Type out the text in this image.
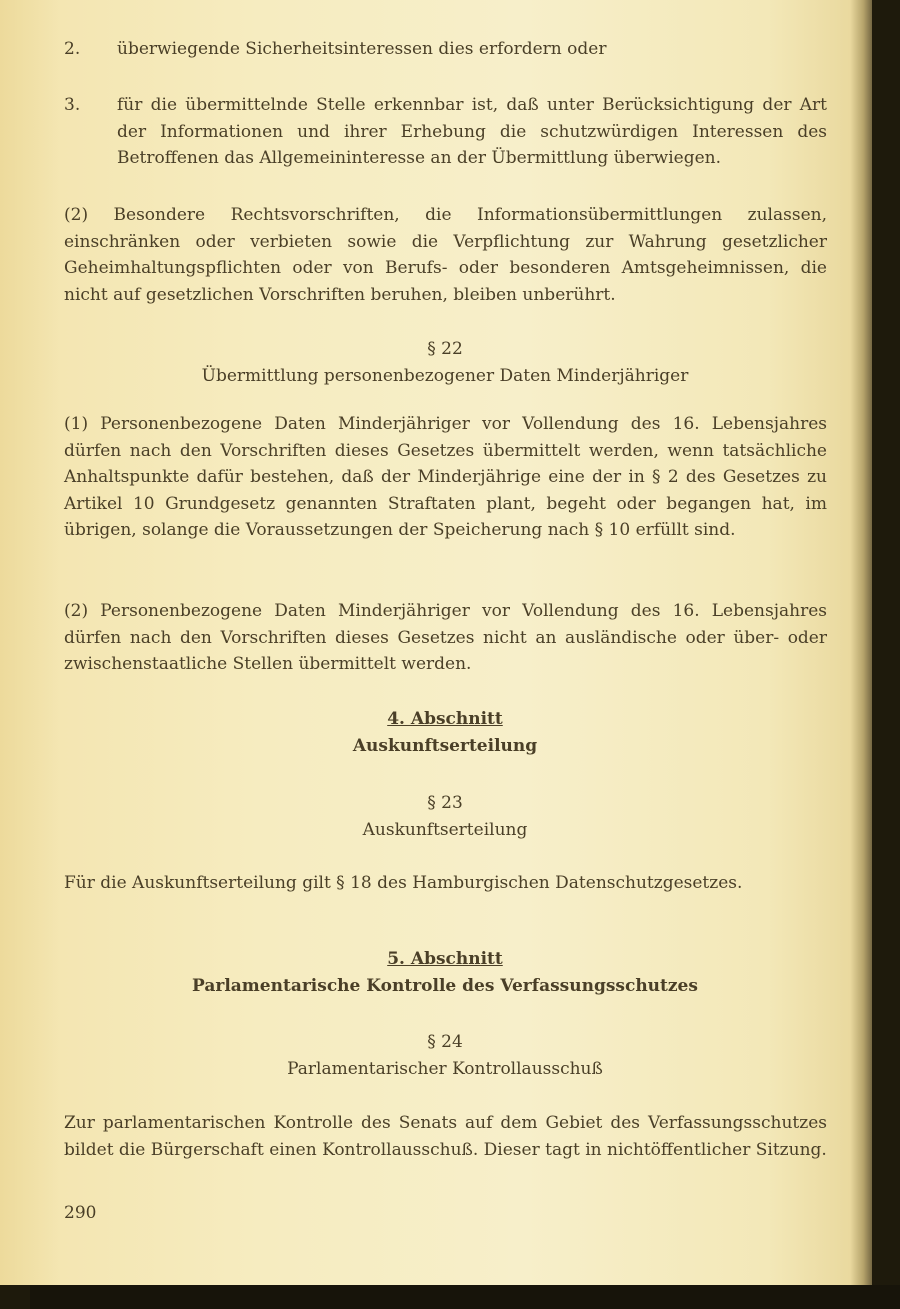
2. überwiegende Sicherheitsinteressen dies erfordern oder

3. für die übermittelnde Stelle erkennbar ist, daß unter Berücksichtigung der Art der Informationen und ihrer Erhebung die schutzwürdigen Interessen des Betroffenen das Allgemeininteresse an der Übermittlung überwiegen.

(2) Besondere Rechtsvorschriften, die Informationsübermittlungen zulassen, einschränken oder verbieten sowie die Verpflichtung zur Wahrung gesetzlicher Geheimhaltungspflichten oder von Berufs- oder besonderen Amtsgeheimnissen, die nicht auf gesetzlichen Vorschriften beruhen, bleiben unberührt.

§ 22

Übermittlung personenbezogener Daten Minderjähriger

(1) Personenbezogene Daten Minderjähriger vor Vollendung des 16. Lebensjahres dürfen nach den Vorschriften dieses Gesetzes übermittelt werden, wenn tatsächliche Anhaltspunkte dafür bestehen, daß der Minderjährige eine der in § 2 des Gesetzes zu Artikel 10 Grundgesetz genannten Straftaten plant, begeht oder begangen hat, im übrigen, solange die Voraussetzungen der Speicherung nach § 10 erfüllt sind.

(2) Personenbezogene Daten Minderjähriger vor Vollendung des 16. Lebensjahres dürfen nach den Vorschriften dieses Gesetzes nicht an ausländische oder über- oder zwischenstaatliche Stellen übermittelt werden.

4. Abschnitt

Auskunftserteilung

§ 23

Auskunftserteilung

Für die Auskunftserteilung gilt § 18 des Hamburgischen Datenschutzgesetzes.

5. Abschnitt

Parlamentarische Kontrolle des Verfassungsschutzes

§ 24

Parlamentarischer Kontrollausschuß

Zur parlamentarischen Kontrolle des Senats auf dem Gebiet des Verfassungsschutzes bildet die Bürgerschaft einen Kontrollausschuß. Dieser tagt in nichtöffentlicher Sitzung.

290
